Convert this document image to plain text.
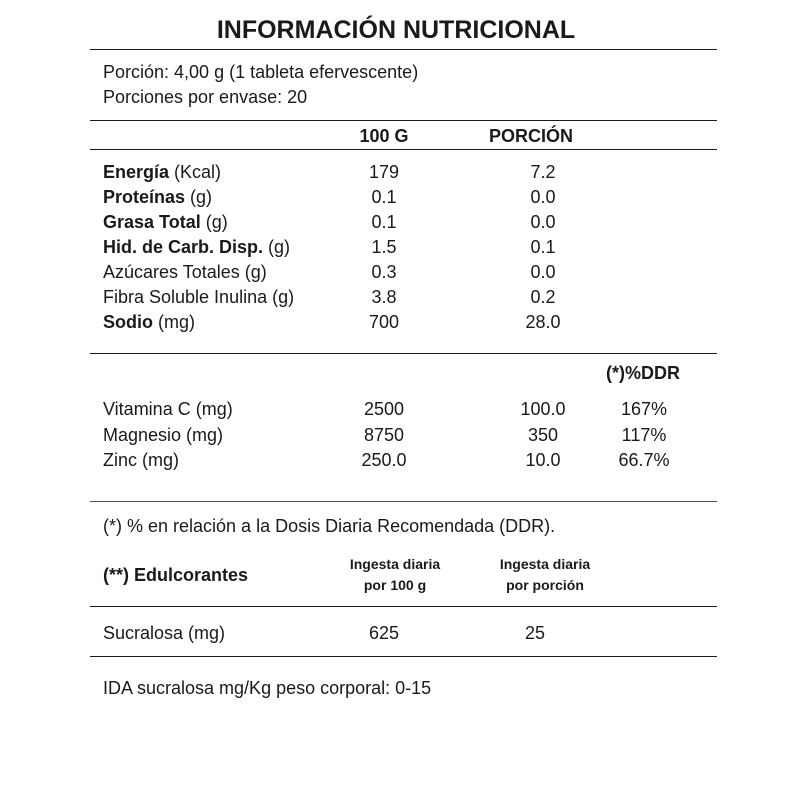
INFORMACIÓN NUTRICIONAL
Porción: 4,00 g (1 tableta efervescente)
Porciones por envase: 20
100 G	PORCIÓN
Energía (Kcal)	179	7.2
Proteínas (g)	0.1	0.0
Grasa Total (g)	0.1	0.0
Hid. de Carb. Disp. (g)	1.5	0.1
Azúcares Totales (g)	0.3	0.0
Fibra Soluble Inulina (g)	3.8	0.2
Sodio (mg)	700	28.0
(*)%DDR
Vitamina C (mg)	2500	100.0	167%
Magnesio (mg)	8750	350	117%
Zinc (mg)	250.0	10.0	66.7%
(*) % en relación a la Dosis Diaria Recomendada (DDR).
(**) Edulcorantes
Ingesta diaria
por 100 g
Ingesta diaria
por porción
Sucralosa (mg)	625	25
IDA sucralosa mg/Kg peso corporal: 0-15
